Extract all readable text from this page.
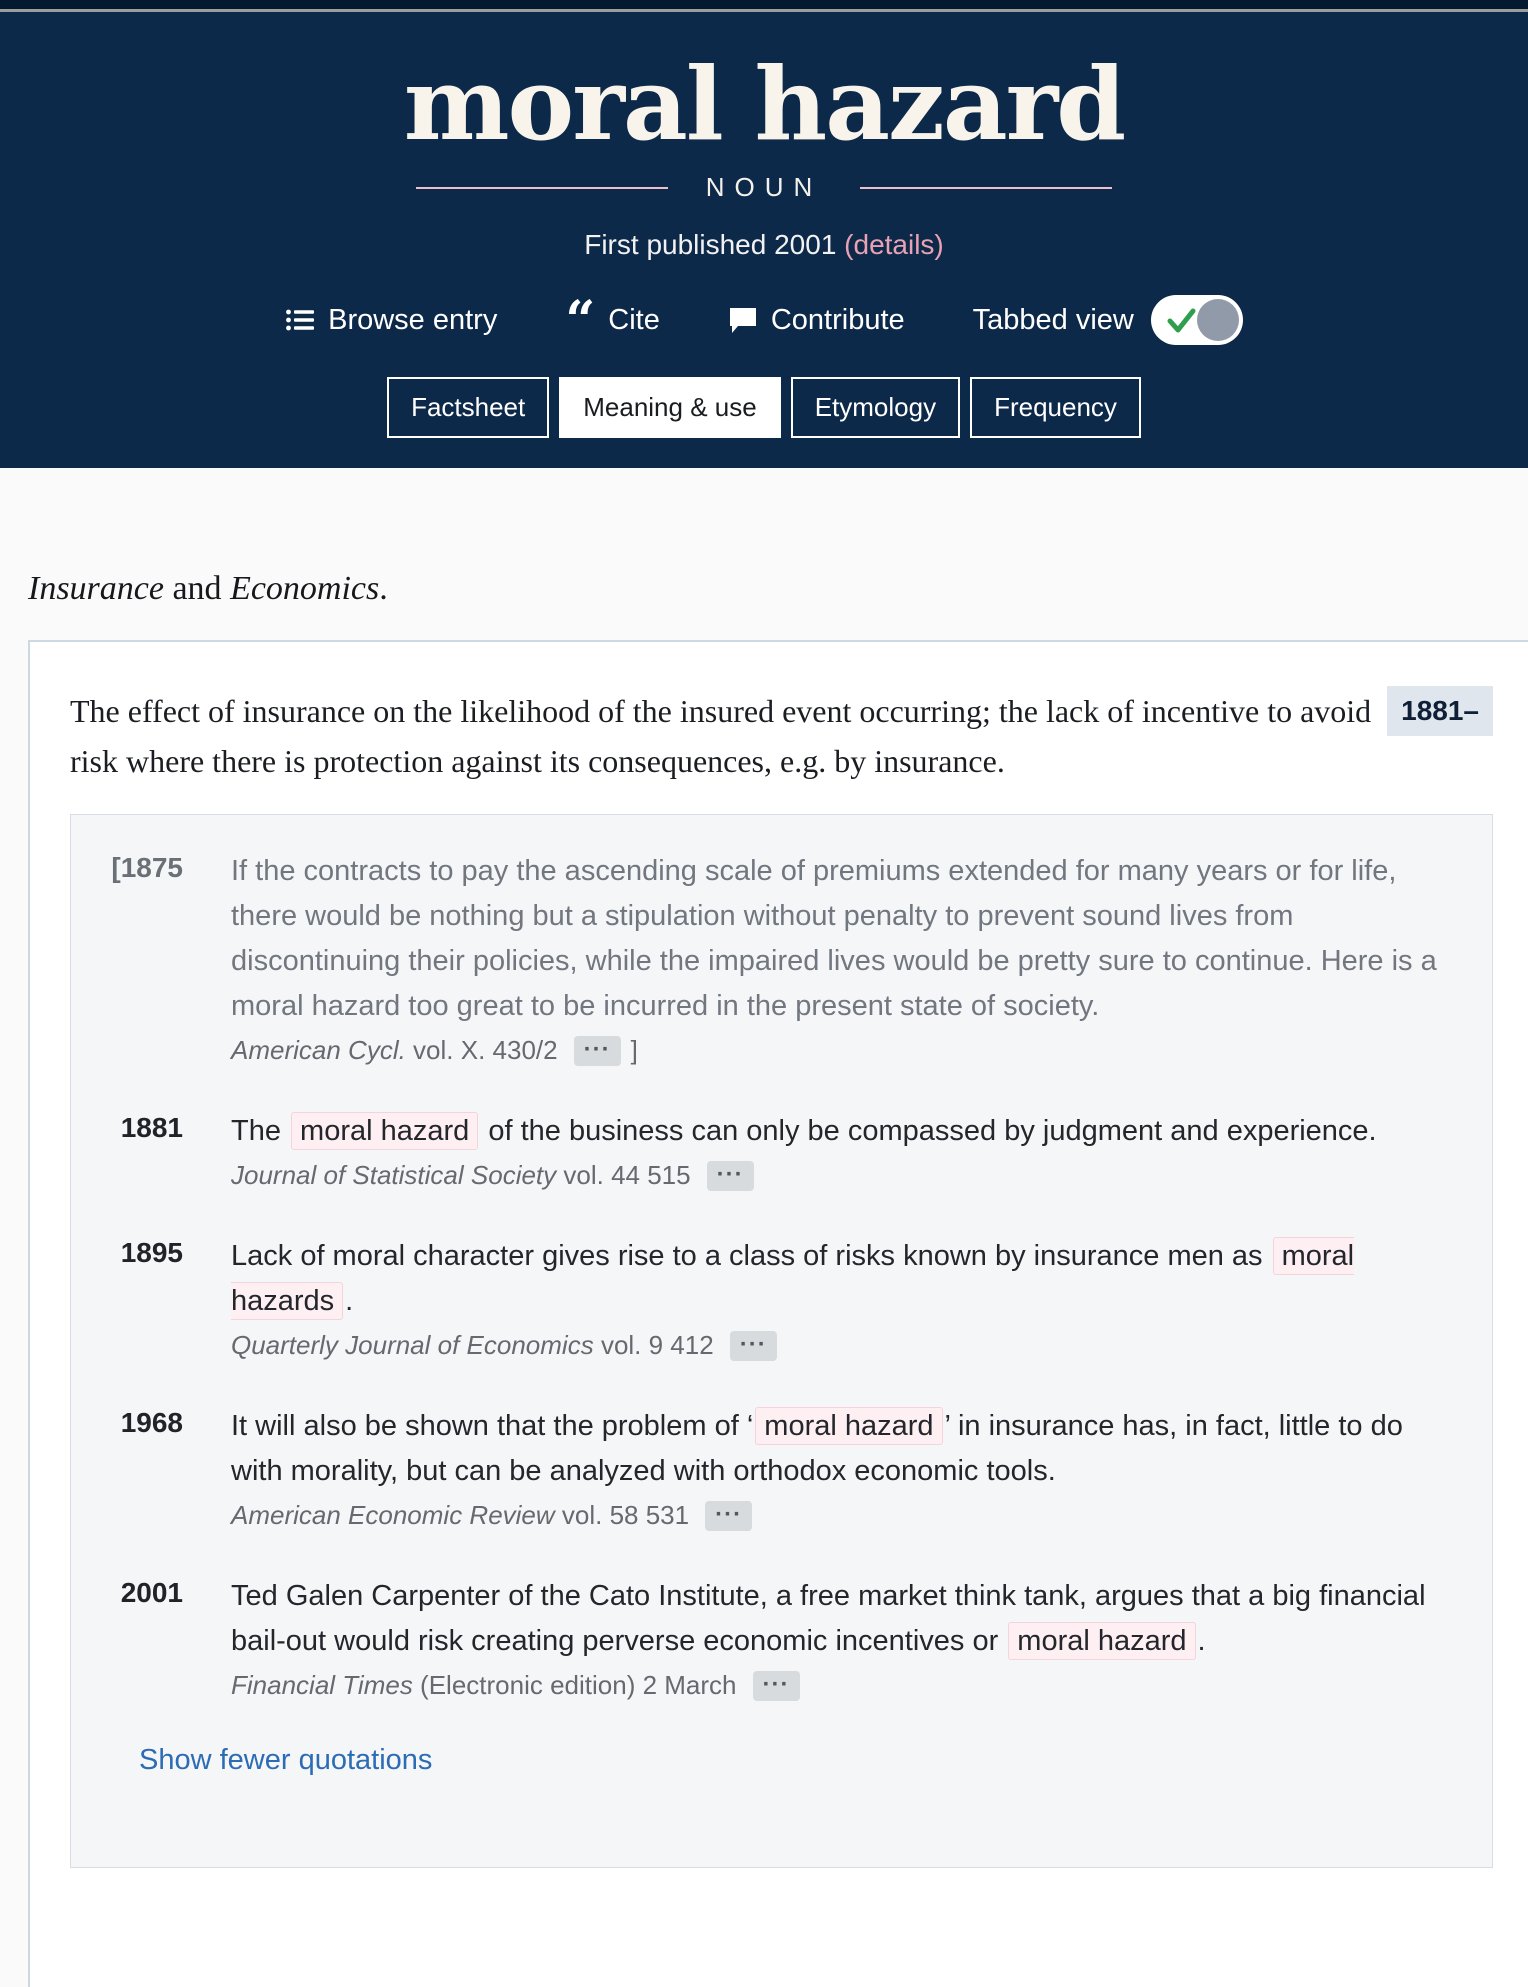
moral hazard
NOUN
First published 2001 (details)
Browse entry “ Cite	Contribute Tabbed view
Factsheet	Meaning & use	Etymology	Frequency
Insurance and Economics.
The effect of insurance on the likelihood of the insured event occurring; the lack of incentive to avoid risk where there is protection against its consequences, e.g. by insurance.
1881–
[1875 If the contracts to pay the ascending scale of premiums extended for many years or for life, there would be nothing but a stipulation without penalty to prevent sound lives from discontinuing their policies, while the impaired lives would be pretty sure to continue. Here is a moral hazard too great to be incurred in the present state of society.
American Cycl. vol. X. 430/2 ··· ]
1881 The moral hazard of the business can only be compassed by judgment and experience.
Journal of Statistical Society vol. 44 515 ···
1895 Lack of moral character gives rise to a class of risks known by insurance men as moral hazards .
Quarterly Journal of Economics vol. 9 412 ···
1968 It will also be shown that the problem of ‘ moral hazard ’ in insurance has, in fact, little to do with morality, but can be analyzed with orthodox economic tools.
American Economic Review vol. 58 531 ···
2001 Ted Galen Carpenter of the Cato Institute, a free market think tank, argues that a big financial bail-out would risk creating perverse economic incentives or moral hazard .
Financial Times (Electronic edition) 2 March ···
Show fewer quotations
